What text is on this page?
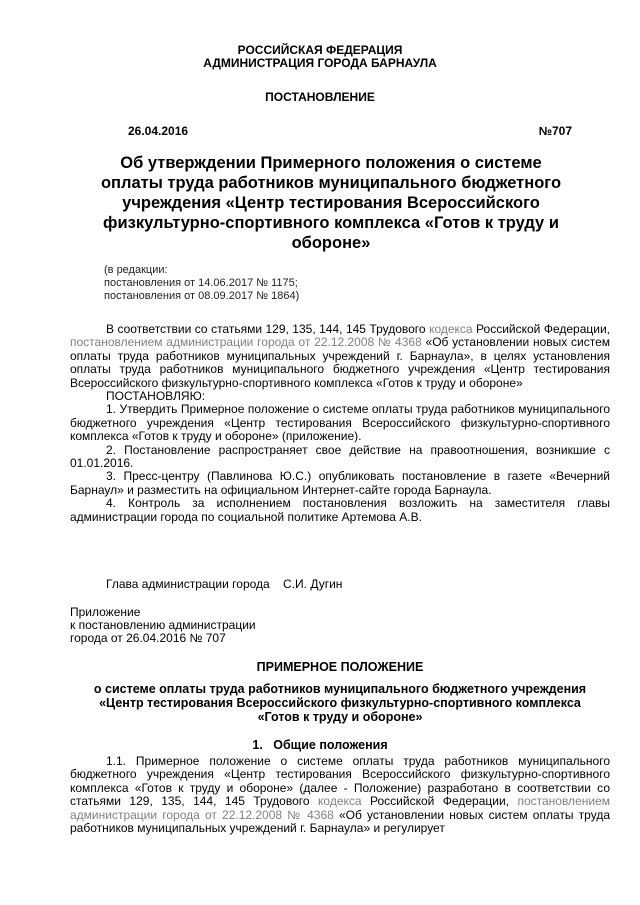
РОССИЙСКАЯ ФЕДЕРАЦИЯ
АДМИНИСТРАЦИЯ ГОРОДА БАРНАУЛА
ПОСТАНОВЛЕНИЕ
26.04.2016	№707
Об утверждении Примерного положения о системе оплаты труда работников муниципального бюджетного учреждения «Центр тестирования Всероссийского физкультурно-спортивного комплекса «Готов к труду и обороне»
(в редакции:
постановления от 14.06.2017 № 1175;
постановления от 08.09.2017 № 1864)

В соответствии со статьями 129, 135, 144, 145 Трудового кодекса Российской Федерации, постановлением администрации города от 22.12.2008 № 4368 «Об установлении новых систем оплаты труда работников муниципальных учреждений г. Барнаула», в целях установления оплаты труда работников муниципального бюджетного учреждения «Центр тестирования Всероссийского физкультурно-спортивного комплекса «Готов к труду и обороне»

ПОСТАНОВЛЯЮ:

1. Утвердить Примерное положение о системе оплаты труда работников муниципального бюджетного учреждения «Центр тестирования Всероссийского физкультурно-спортивного комплекса «Готов к труду и обороне» (приложение).

2. Постановление распространяет свое действие на правоотношения, возникшие с 01.01.2016.

3. Пресс-центру (Павлинова Ю.С.) опубликовать постановление в газете «Вечерний Барнаул» и разместить на официальном Интернет-сайте города Барнаула.

4. Контроль за исполнением постановления возложить на заместителя главы администрации города по социальной политике Артемова А.В.

Глава администрации города    С.И. Дугин
Приложение
к постановлению администрации
города от 26.04.2016 № 707
ПРИМЕРНОЕ ПОЛОЖЕНИЕ
о системе оплаты труда работников муниципального бюджетного учреждения
«Центр тестирования Всероссийского физкультурно-спортивного комплекса
«Готов к труду и обороне»
1.   Общие положения

1.1. Примерное положение о системе оплаты труда работников муниципального бюджетного учреждения «Центр тестирования Всероссийского физкультурно-спортивного комплекса «Готов к труду и обороне» (далее - Положение) разработано в соответствии со статьями 129, 135, 144, 145 Трудового кодекса Российской Федерации, постановлением администрации города от 22.12.2008 № 4368 «Об установлении новых систем оплаты труда работников муниципальных учреждений г. Барнаула» и регулирует
